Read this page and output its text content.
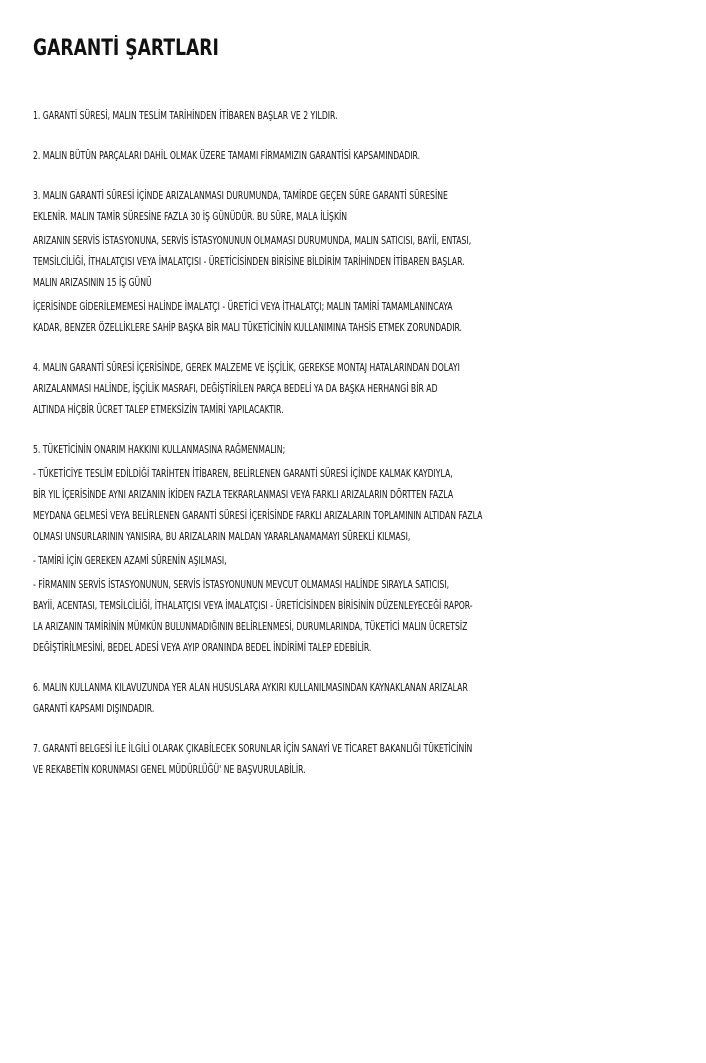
GARANTİ ŞARTLARI
1. GARANTİ SÜRESİ, MALIN TESLİM TARİHİNDEN İTİBAREN BAŞLAR VE 2 YILDIR.
2. MALIN BÜTÜN PARÇALARI DAHİL OLMAK ÜZERE TAMAMI FİRMAMIZIN GARANTİSİ KAPSAMINDADIR.
3. MALIN GARANTİ SÜRESİ İÇİNDE ARIZALANMASI DURUMUNDA, TAMİRDE GEÇEN SÜRE GARANTİ SÜRESİNE
EKLENİR. MALIN TAMİR SÜRESİNE FAZLA 30 İŞ GÜNÜDÜR. BU SÜRE, MALA İLİŞKİN
ARIZANIN SERVİS İSTASYONUNA, SERVİS İSTASYONUNUN OLMAMASI DURUMUNDA, MALIN SATICISI, BAYİİ, ENTASI,
TEMSİLCİLİĞİ, İTHALATÇISI VEYA İMALATÇISI - ÜRETİCİSİNDEN BİRİSİNE BİLDİRİM TARİHİNDEN İTİBAREN BAŞLAR.
MALIN ARIZASININ 15 İŞ GÜNÜ
İÇERİSİNDE GİDERİLEMEMESİ HALİNDE İMALATÇI - ÜRETİCİ VEYA İTHALATÇI; MALIN TAMİRİ TAMAMLANINCAYA
KADAR, BENZER ÖZELLİKLERE SAHİP BAŞKA BİR MALI TÜKETİCİNİN KULLANIMINA TAHSİS ETMEK ZORUNDADIR.
4. MALIN GARANTİ SÜRESİ İÇERİSİNDE, GEREK MALZEME VE İŞÇİLİK, GEREKSE MONTAJ HATALARINDAN DOLAYI
ARIZALANMASI HALİNDE, İŞÇİLİK MASRAFI, DEĞİŞTİRİLEN PARÇA BEDELİ YA DA BAŞKA HERHANGİ BİR AD
ALTINDA HİÇBİR ÜCRET TALEP ETMEKSİZİN TAMİRİ YAPILACAKTIR.
5. TÜKETİCİNİN ONARIM HAKKINI KULLANMASINA RAĞMENMALIN;
- TÜKETİCİYE TESLİM EDİLDİĞİ TARİHTEN İTİBAREN, BELİRLENEN GARANTİ SÜRESİ İÇİNDE KALMAK KAYDIYLA,
BİR YIL İÇERİSİNDE AYNI ARIZANIN İKİDEN FAZLA TEKRARLANMASI VEYA FARKLI ARIZALARIN DÖRTTEN FAZLA
MEYDANA GELMESİ VEYA BELİRLENEN GARANTİ SÜRESİ İÇERİSİNDE FARKLI ARIZALARIN TOPLAMININ ALTIDAN FAZLA
OLMASI UNSURLARININ YANISIRA, BU ARIZALARIN MALDAN YARARLANAMAMAYI SÜREKLİ KILMASI,
- TAMİRİ İÇİN GEREKEN AZAMİ SÜRENİN AŞILMASI,
- FİRMANIN SERVİS İSTASYONUNUN, SERVİS İSTASYONUNUN MEVCUT OLMAMASI HALİNDE SIRAYLA SATICISI,
BAYİİ, ACENTASI, TEMSİLCİLİĞİ, İTHALATÇISI VEYA İMALATÇISI - ÜRETİCİSİNDEN BİRİSİNİN DÜZENLEYECEĞİ RAPOR-
LA ARIZANIN TAMİRİNİN MÜMKÜN BULUNMADIĞININ BELİRLENMESİ, DURUMLARINDA, TÜKETİCİ MALIN ÜCRETSİZ
DEĞİŞTİRİLMESİNİ, BEDEL ADESİ VEYA AYIP ORANINDA BEDEL İNDİRİMİ TALEP EDEBİLİR.
6. MALIN KULLANMA KILAVUZUNDA YER ALAN HUSUSLARA AYKIRI KULLANILMASINDAN KAYNAKLANAN ARIZALAR
GARANTİ KAPSAMI DIŞINDADIR.
7. GARANTİ BELGESİ İLE İLGİLİ OLARAK ÇIKABİLECEK SORUNLAR İÇİN SANAYİ VE TİCARET BAKANLIĞI TÜKETİCİNİN
VE REKABETİN KORUNMASI GENEL MÜDÜRLÜĞÜ' NE BAŞVURULABİLİR.
